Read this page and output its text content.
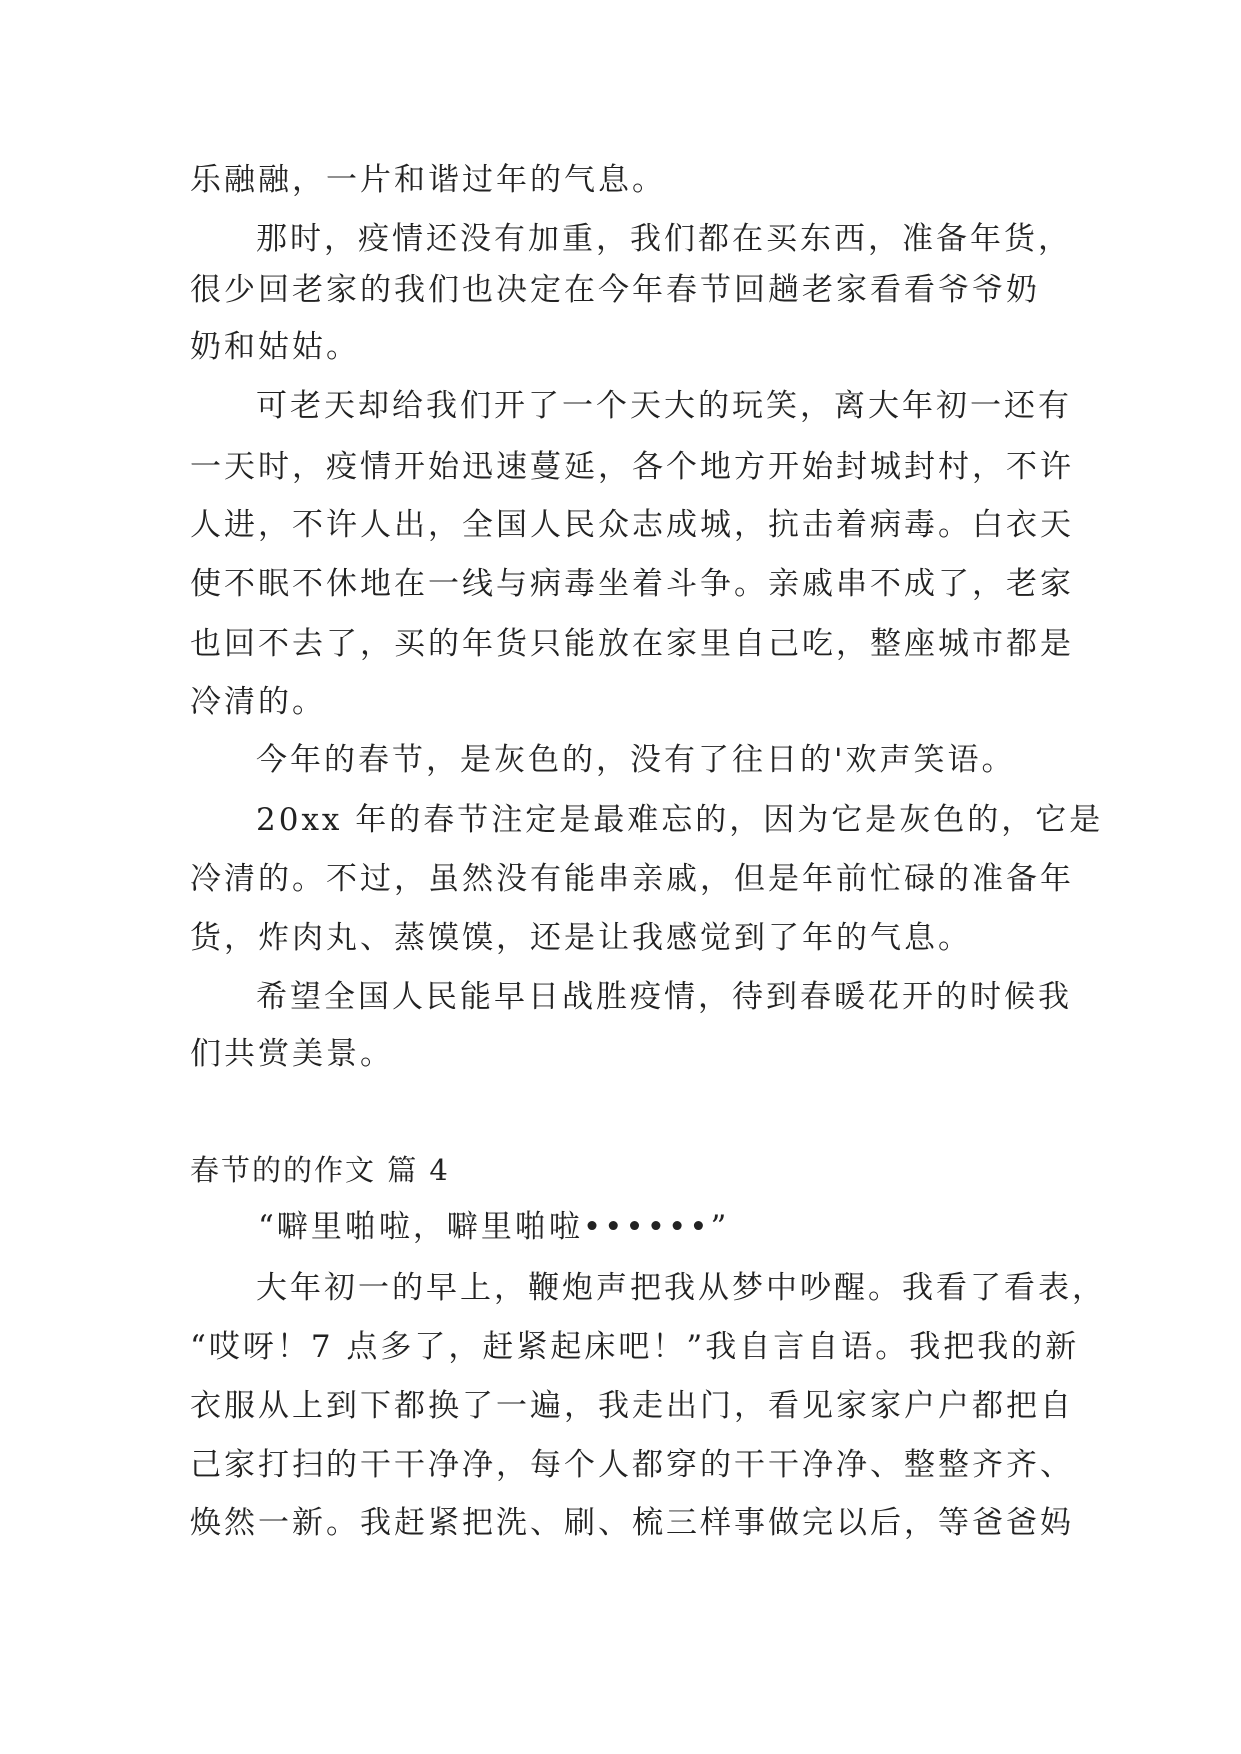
乐融融，一片和谐过年的气息。
那时，疫情还没有加重，我们都在买东西，准备年货，
很少回老家的我们也决定在今年春节回趟老家看看爷爷奶
奶和姑姑。
可老天却给我们开了一个天大的玩笑，离大年初一还有
一天时，疫情开始迅速蔓延，各个地方开始封城封村，不许
人进，不许人出，全国人民众志成城，抗击着病毒。白衣天
使不眠不休地在一线与病毒坐着斗争。亲戚串不成了，老家
也回不去了，买的年货只能放在家里自己吃，整座城市都是
冷清的。
今年的春节，是灰色的，没有了往日的'欢声笑语。
20xx 年的春节注定是最难忘的，因为它是灰色的，它是
冷清的。不过，虽然没有能串亲戚，但是年前忙碌的准备年
货，炸肉丸、蒸馍馍，还是让我感觉到了年的气息。
希望全国人民能早日战胜疫情，待到春暖花开的时候我
们共赏美景。
春节的的作文 篇 4
“噼里啪啦，噼里啪啦••••••”
大年初一的早上，鞭炮声把我从梦中吵醒。我看了看表，
“哎呀！7 点多了，赶紧起床吧！”我自言自语。我把我的新
衣服从上到下都换了一遍，我走出门，看见家家户户都把自
己家打扫的干干净净，每个人都穿的干干净净、整整齐齐、
焕然一新。我赶紧把洗、刷、梳三样事做完以后，等爸爸妈
